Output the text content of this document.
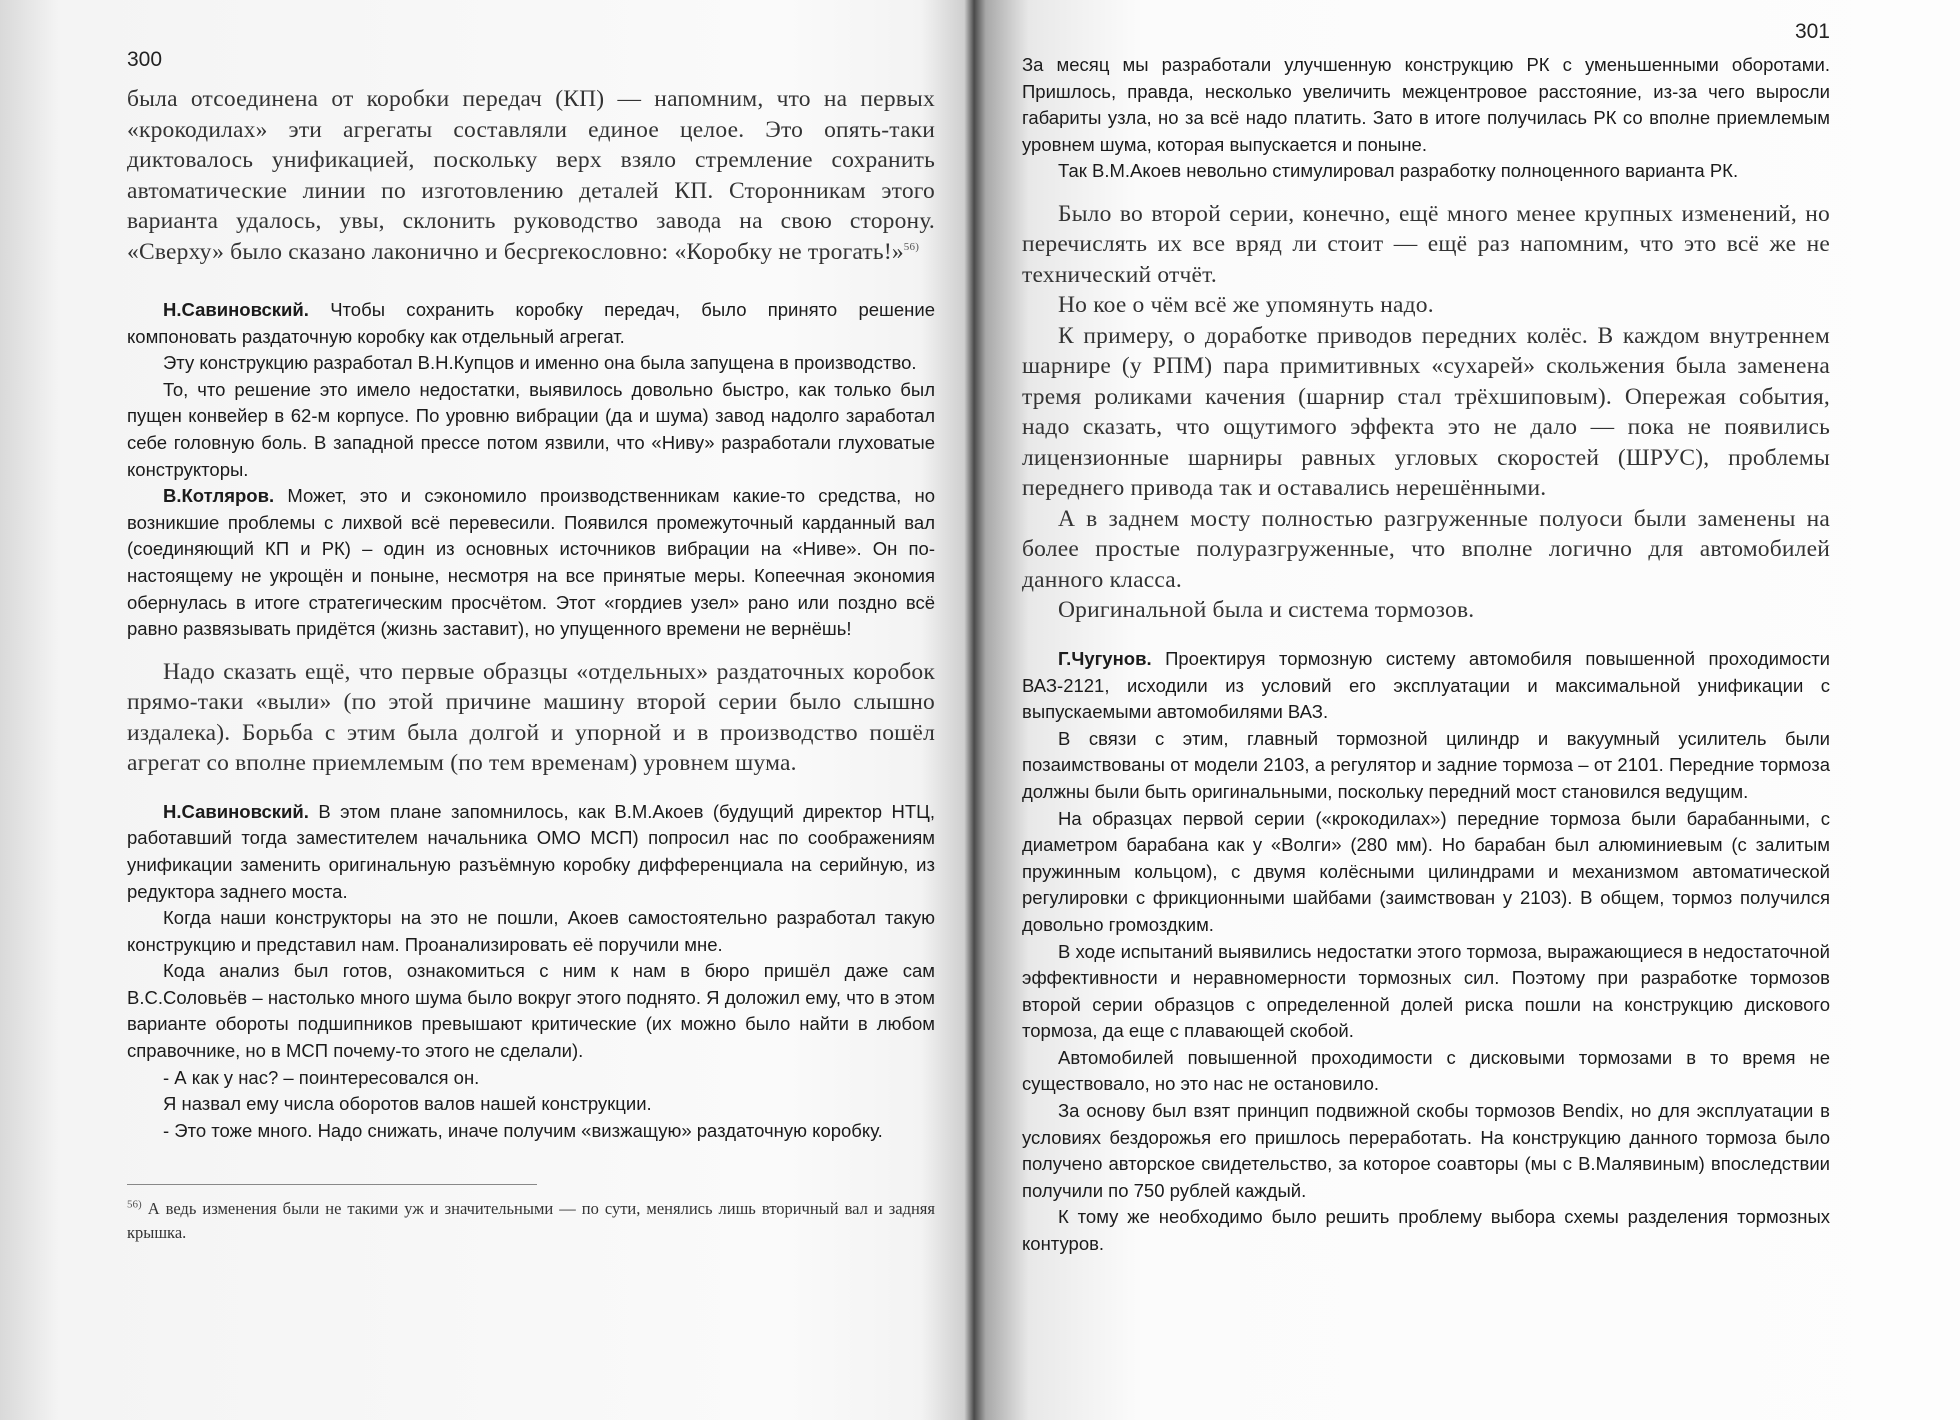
300

была отсоединена от коробки передач (КП) — напомним, что на первых «крокодилах» эти агрегаты составляли единое целое. Это опять-таки диктовалось унификацией, поскольку верх взяло стремление сохранить автоматические линии по изготовлению деталей КП. Сторонникам этого варианта удалось, увы, склонить руководство завода на свою сторону. «Сверху» было сказано лаконично и бесprекословно: «Коробку не трогать!»$^{56)}$

Н.Савиновский. Чтобы сохранить коробку передач, было принято решение компоновать раздаточную коробку как отдельный агрегат.

Эту конструкцию разработал В.Н.Купцов и именно она была запущена в производство.

То, что решение это имело недостатки, выявилось довольно быстро, как только был пущен конвейер в 62-м корпусе. По уровню вибрации (да и шума) завод надолго заработал себе головную боль. В западной прессе потом язвили, что «Ниву» разработали глуховатые конструкторы.

В.Котляров. Может, это и сэкономило производственникам какие-то средства, но возникшие проблемы с лихвой всё перевесили. Появился промежуточный карданный вал (соединяющий КП и РК) – один из основных источников вибрации на «Ниве». Он по-настоящему не укрощён и поныне, несмотря на все принятые меры. Копеечная экономия обернулась в итоге стратегическим просчётом. Этот «гордиев узел» рано или поздно всё равно развязывать придётся (жизнь заставит), но упущенного времени не вернёшь!

Надо сказать ещё, что первые образцы «отдельных» раздаточных коробок прямо-таки «выли» (по этой причине машину второй серии было слышно издалека). Борьба с этим была долгой и упорной и в производство пошёл агрегат со вполне приемлемым (по тем временам) уровнем шума.

Н.Савиновский. В этом плане запомнилось, как В.М.Акоев (будущий директор НТЦ, работавший тогда заместителем начальника ОМО МСП) попросил нас по соображениям унификации заменить оригинальную разъёмную коробку дифференциала на серийную, из редуктора заднего моста.

Когда наши конструкторы на это не пошли, Акоев самостоятельно разработал такую конструкцию и представил нам. Проанализировать её поручили мне.

Кода анализ был готов, ознакомиться с ним к нам в бюро пришёл даже сам В.С.Соловьёв – настолько много шума было вокруг этого поднято. Я доложил ему, что в этом варианте обороты подшипников превышают критические (их можно было найти в любом справочнике, но в МСП почему-то этого не сделали).

- А как у нас? – поинтересовался он.

Я назвал ему числа оборотов валов нашей конструкции.

- Это тоже много. Надо снижать, иначе получим «визжащую» раздаточную коробку.

$^{56)}$ А ведь изменения были не такими уж и значительными — по сути, менялись лишь вторичный вал и задняя крышка.

301

За месяц мы разработали улучшенную конструкцию РК с уменьшенными оборотами. Пришлось, правда, несколько увеличить межцентровое расстояние, из-за чего выросли габариты узла, но за всё надо платить. Зато в итоге получилась РК со вполне приемлемым уровнем шума, которая выпускается и поныне.

Так В.М.Акоев невольно стимулировал разработку полноценного варианта РК.

Было во второй серии, конечно, ещё много менее крупных изменений, но перечислять их все вряд ли стоит — ещё раз напомним, что это всё же не технический отчёт.

Но кое о чём всё же упомянуть надо.

К примеру, о доработке приводов передних колёс. В каждом внутреннем шарнире (у РПМ) пара примитивных «сухарей» скольжения была заменена тремя роликами качения (шарнир стал трёхшиповым). Опережая события, надо сказать, что ощутимого эффекта это не дало — пока не появились лицензионные шарниры равных угловых скоростей (ШРУС), проблемы переднего привода так и оставались нерешёнными.

А в заднем мосту полностью разгруженные полуоси были заменены на более простые полуразгруженные, что вполне логично для автомобилей данного класса.

Оригинальной была и система тормозов.

Г.Чугунов. Проектируя тормозную систему автомобиля повышенной проходимости ВАЗ-2121, исходили из условий его эксплуатации и максимальной унификации с выпускаемыми автомобилями ВАЗ.

В связи с этим, главный тормозной цилиндр и вакуумный усилитель были позаимствованы от модели 2103, а регулятор и задние тормоза – от 2101. Передние тормоза должны были быть оригинальными, поскольку передний мост становился ведущим.

На образцах первой серии («крокодилах») передние тормоза были барабанными, с диаметром барабана как у «Волги» (280 мм). Но барабан был алюминиевым (с залитым пружинным кольцом), с двумя колёсными цилиндрами и механизмом автоматической регулировки с фрикционными шайбами (заимствован у 2103). В общем, тормоз получился довольно громоздким.

В ходе испытаний выявились недостатки этого тормоза, выражающиеся в недостаточной эффективности и неравномерности тормозных сил. Поэтому при разработке тормозов второй серии образцов с определенной долей риска пошли на конструкцию дискового тормоза, да еще с плавающей скобой.

Автомобилей повышенной проходимости с дисковыми тормозами в то время не существовало, но это нас не остановило.

За основу был взят принцип подвижной скобы тормозов Bendix, но для эксплуатации в условиях бездорожья его пришлось переработать. На конструкцию данного тормоза было получено авторское свидетельство, за которое соавторы (мы с В.Малявиным) впоследствии получили по 750 рублей каждый.

К тому же необходимо было решить проблему выбора схемы разделения тормозных контуров.
